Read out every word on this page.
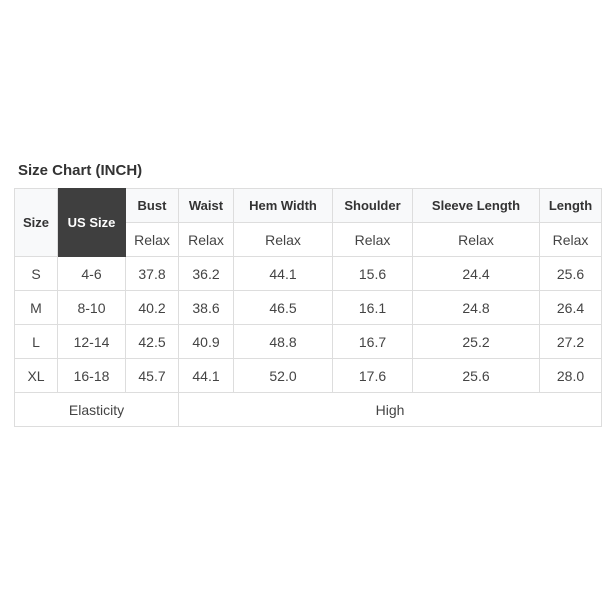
Size Chart (INCH)
Size	US Size	Bust	Waist	Hem Width	Shoulder	Sleeve Length	Length
		Relax	Relax	Relax	Relax	Relax	Relax
S	4-6	37.8	36.2	44.1	15.6	24.4	25.6
M	8-10	40.2	38.6	46.5	16.1	24.8	26.4
L	12-14	42.5	40.9	48.8	16.7	25.2	27.2
XL	16-18	45.7	44.1	52.0	17.6	25.6	28.0
Elasticity			High				
